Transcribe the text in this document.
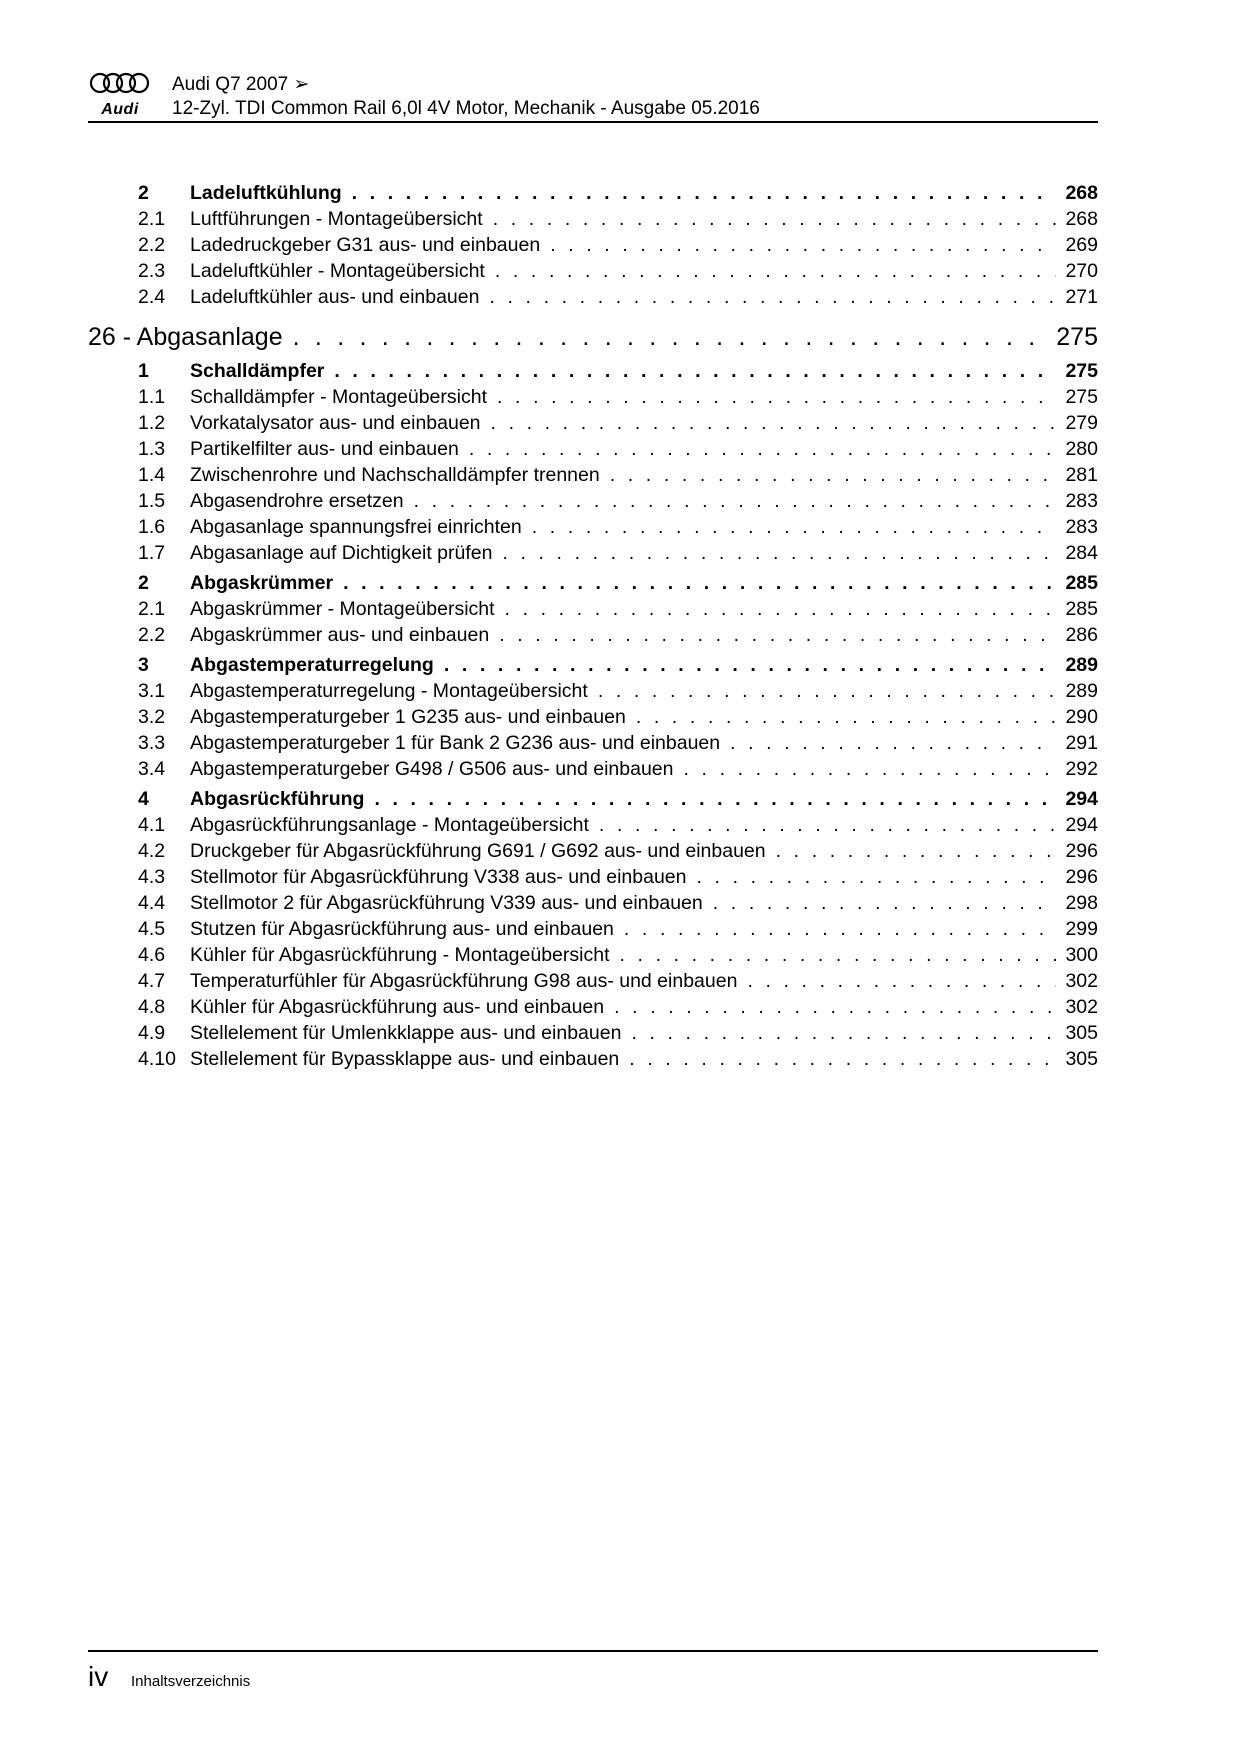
Audi
Audi Q7 2007 ➢
12-Zyl. TDI Common Rail 6,0l 4V Motor, Mechanik - Ausgabe 05.2016
2	Ladeluftkühlung . . .	268
2.1	Luftführungen - Montageübersicht . . .	268
2.2	Ladedruckgeber G31 aus- und einbauen . . .	269
2.3	Ladeluftkühler - Montageübersicht . . .	270
2.4	Ladeluftkühler aus- und einbauen . . .	271
26 - Abgasanlage . . .	275
1	Schalldämpfer . . .	275
1.1	Schalldämpfer - Montageübersicht . . .	275
1.2	Vorkatalysator aus- und einbauen . . .	279
1.3	Partikelfilter aus- und einbauen . . .	280
1.4	Zwischenrohre und Nachschalldämpfer trennen . . .	281
1.5	Abgasendrohre ersetzen . . .	283
1.6	Abgasanlage spannungsfrei einrichten . . .	283
1.7	Abgasanlage auf Dichtigkeit prüfen . . .	284
2	Abgaskrümmer . . .	285
2.1	Abgaskrümmer - Montageübersicht . . .	285
2.2	Abgaskrümmer aus- und einbauen . . .	286
3	Abgastemperaturregelung . . .	289
3.1	Abgastemperaturregelung - Montageübersicht . . .	289
3.2	Abgastemperaturgeber 1 G235 aus- und einbauen . . .	290
3.3	Abgastemperaturgeber 1 für Bank 2 G236 aus- und einbauen . . .	291
3.4	Abgastemperaturgeber G498 / G506 aus- und einbauen . . .	292
4	Abgasrückführung . . .	294
4.1	Abgasrückführungsanlage - Montageübersicht . . .	294
4.2	Druckgeber für Abgasrückführung G691 / G692 aus- und einbauen . . .	296
4.3	Stellmotor für Abgasrückführung V338 aus- und einbauen . . .	296
4.4	Stellmotor 2 für Abgasrückführung V339 aus- und einbauen . . .	298
4.5	Stutzen für Abgasrückführung aus- und einbauen . . .	299
4.6	Kühler für Abgasrückführung - Montageübersicht . . .	300
4.7	Temperaturfühler für Abgasrückführung G98 aus- und einbauen . . .	302
4.8	Kühler für Abgasrückführung aus- und einbauen . . .	302
4.9	Stellelement für Umlenkklappe aus- und einbauen . . .	305
4.10 Stellelement für Bypassklappe aus- und einbauen . . .	305
iv Inhaltsverzeichnis
